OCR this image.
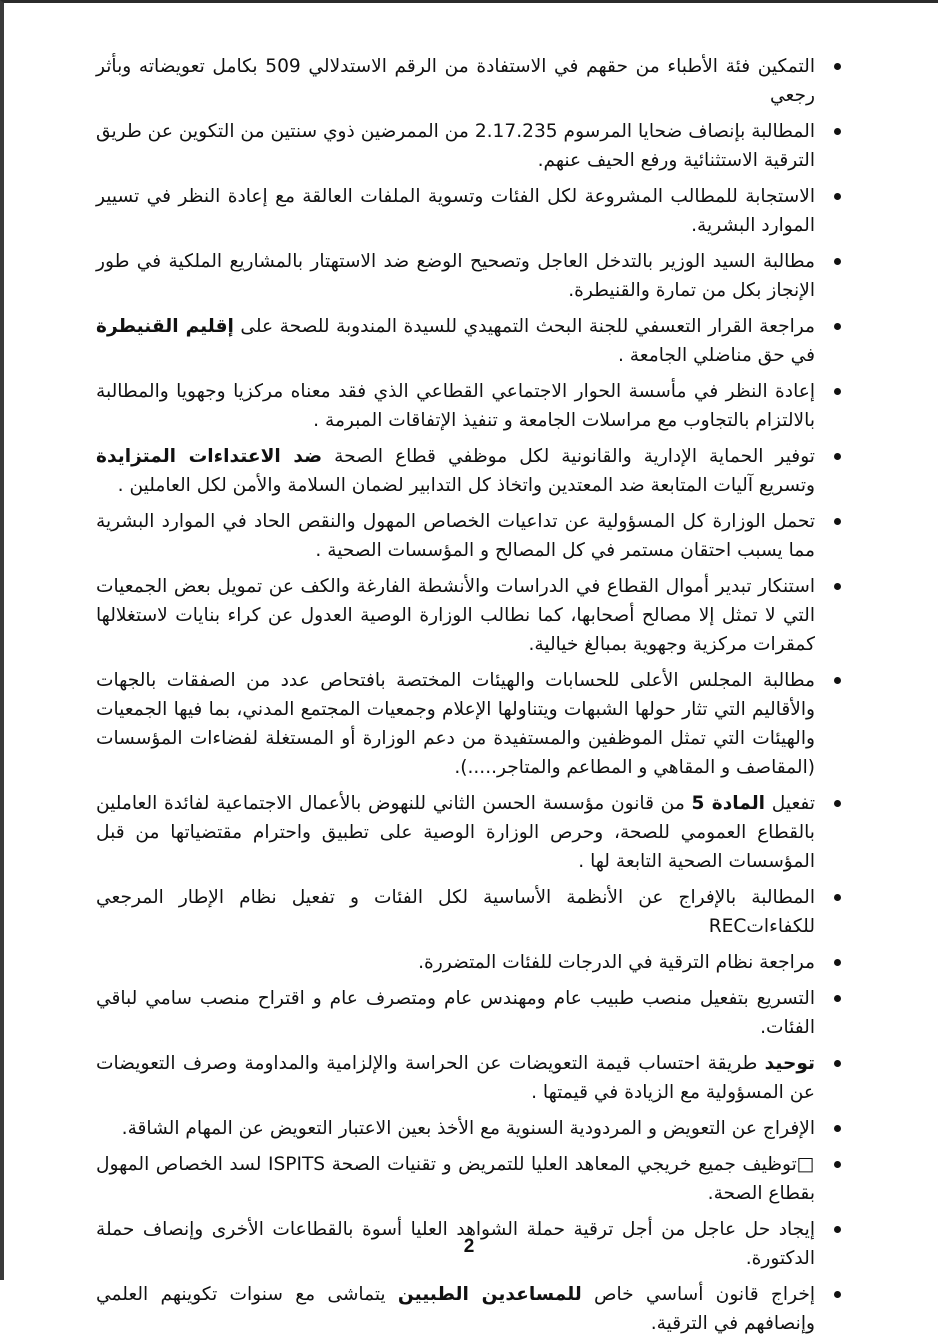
التمكين فئة الأطباء من حقهم في الاستفادة من الرقم الاستدلالي 509 بكامل تعويضاته وبأثر رجعي
المطالبة بإنصاف ضحايا المرسوم 2.17.235 من الممرضين ذوي سنتين من التكوين عن طريق الترقية الاستثنائية ورفع الحيف عنهم.
الاستجابة للمطالب المشروعة لكل الفئات وتسوية الملفات العالقة مع إعادة النظر في تسيير الموارد البشرية.
مطالبة السيد الوزير بالتدخل العاجل وتصحيح الوضع ضد الاستهتار بالمشاريع الملكية في طور الإنجاز بكل من تمارة والقنيطرة.
مراجعة القرار التعسفي للجنة البحث التمهيدي للسيدة المندوبة للصحة على إقليم القنيطرة في حق مناضلي الجامعة .
إعادة النظر في مأسسة الحوار الاجتماعي القطاعي الذي فقد معناه مركزيا وجهويا والمطالبة بالالتزام بالتجاوب مع مراسلات الجامعة و تنفيذ الإتفاقات المبرمة .
توفير الحماية الإدارية والقانونية لكل موظفي قطاع الصحة ضد الاعتداءات المتزايدة وتسريع آليات المتابعة ضد المعتدين واتخاذ كل التدابير لضمان السلامة والأمن لكل العاملين .
تحمل الوزارة كل المسؤولية عن تداعيات الخصاص المهول والنقص الحاد في الموارد البشرية مما يسبب احتقان مستمر في كل المصالح و المؤسسات الصحية .
استنكار تبدير أموال القطاع في الدراسات والأنشطة الفارغة والكف عن تمويل بعض الجمعيات التي لا تمثل إلا مصالح أصحابها، كما نطالب الوزارة الوصية العدول عن كراء بنايات لاستغلالها كمقرات مركزية وجهوية بمبالغ خيالية.
مطالبة المجلس الأعلى للحسابات والهيئات المختصة بافتحاص عدد من الصفقات بالجهات والأقاليم التي تثار حولها الشبهات ويتناولها الإعلام وجمعيات المجتمع المدني، بما فيها الجمعيات والهيئات التي تمثل الموظفين والمستفيدة من دعم الوزارة أو المستغلة لفضاءات المؤسسات (المقاصف و المقاهي و المطاعم والمتاجر.....).
تفعيل المادة 5 من قانون مؤسسة الحسن الثاني للنهوض بالأعمال الاجتماعية لفائدة العاملين بالقطاع العمومي للصحة، وحرص الوزارة الوصية على تطبيق واحترام مقتضياتها من قبل المؤسسات الصحية التابعة لها .
المطالبة بالإفراج عن الأنظمة الأساسية لكل الفئات و تفعيل نظام الإطار المرجعي للكفاءاتREC
مراجعة نظام الترقية في الدرجات للفئات المتضررة.
التسريع بتفعيل منصب طبيب عام ومهندس عام ومتصرف عام و اقتراح منصب سامي لباقي الفئات.
توحيد طريقة احتساب قيمة التعويضات عن الحراسة والإلزامية والمداومة وصرف التعويضات عن المسؤولية مع الزيادة في قيمتها .
الإفراج عن التعويض و المردودية السنوية مع الأخذ بعين الاعتبار التعويض عن المهام الشاقة.
□توظيف جميع خريجي المعاهد العليا للتمريض و تقنيات الصحة ISPITS لسد الخصاص المهول بقطاع الصحة.
إيجاد حل عاجل من أجل ترقية حملة الشواهد العليا أسوة بالقطاعات الأخرى وإنصاف حملة الدكتورة.
إخراج قانون أساسي خاص للمساعدين الطبيين يتماشى مع سنوات تكوينهم العلمي وإنصافهم في الترقية.
2
